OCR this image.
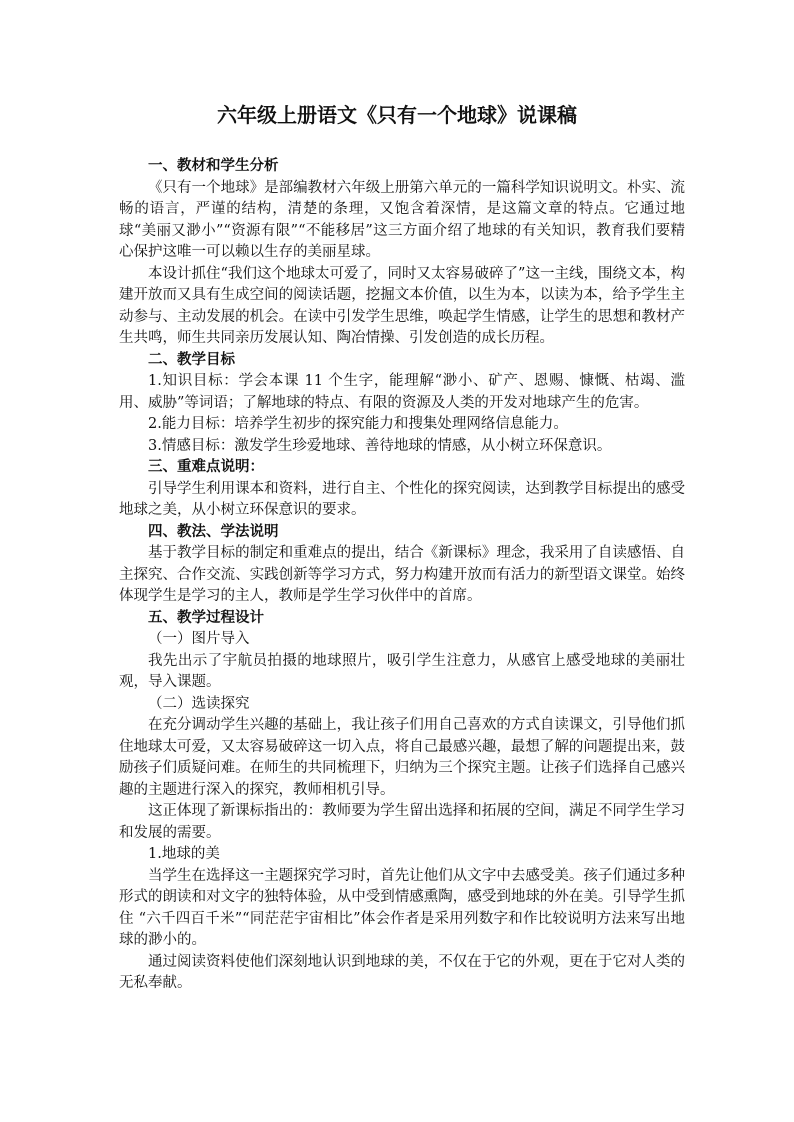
六年级上册语文《只有一个地球》说课稿

一、教材和学生分析

《只有一个地球》是部编教材六年级上册第六单元的一篇科学知识说明文。朴实、流畅的语言，严谨的结构，清楚的条理，又饱含着深情，是这篇文章的特点。它通过地球“美丽又渺小”“资源有限”“不能移居”这三方面介绍了地球的有关知识，教育我们要精心保护这唯一可以赖以生存的美丽星球。

本设计抓住“我们这个地球太可爱了，同时又太容易破碎了”这一主线，围绕文本，构建开放而又具有生成空间的阅读话题，挖掘文本价值，以生为本，以读为本，给予学生主动参与、主动发展的机会。在读中引发学生思维，唤起学生情感，让学生的思想和教材产生共鸣，师生共同亲历发展认知、陶冶情操、引发创造的成长历程。

二、教学目标

1.知识目标：学会本课 11 个生字，能理解“渺小、矿产、恩赐、慷慨、枯竭、滥用、威胁”等词语；了解地球的特点、有限的资源及人类的开发对地球产生的危害。

2.能力目标：培养学生初步的探究能力和搜集处理网络信息能力。

3.情感目标：激发学生珍爱地球、善待地球的情感，从小树立环保意识。

三、重难点说明：

引导学生利用课本和资料，进行自主、个性化的探究阅读，达到教学目标提出的感受地球之美，从小树立环保意识的要求。

四、教法、学法说明

基于教学目标的制定和重难点的提出，结合《新课标》理念，我采用了自读感悟、自主探究、合作交流、实践创新等学习方式，努力构建开放而有活力的新型语文课堂。始终体现学生是学习的主人，教师是学生学习伙伴中的首席。

五、教学过程设计

（一）图片导入

我先出示了宇航员拍摄的地球照片，吸引学生注意力，从感官上感受地球的美丽壮观，导入课题。

（二）选读探究

在充分调动学生兴趣的基础上，我让孩子们用自己喜欢的方式自读课文，引导他们抓住地球太可爱，又太容易破碎这一切入点，将自己最感兴趣，最想了解的问题提出来，鼓励孩子们质疑问难。在师生的共同梳理下，归纳为三个探究主题。让孩子们选择自己感兴趣的主题进行深入的探究，教师相机引导。

这正体现了新课标指出的：教师要为学生留出选择和拓展的空间，满足不同学生学习和发展的需要。

1.地球的美

当学生在选择这一主题探究学习时，首先让他们从文字中去感受美。孩子们通过多种形式的朗读和对文字的独特体验，从中受到情感熏陶，感受到地球的外在美。引导学生抓住 “六千四百千米”“同茫茫宇宙相比”体会作者是采用列数字和作比较说明方法来写出地球的渺小的。

通过阅读资料使他们深刻地认识到地球的美，不仅在于它的外观，更在于它对人类的无私奉献。
